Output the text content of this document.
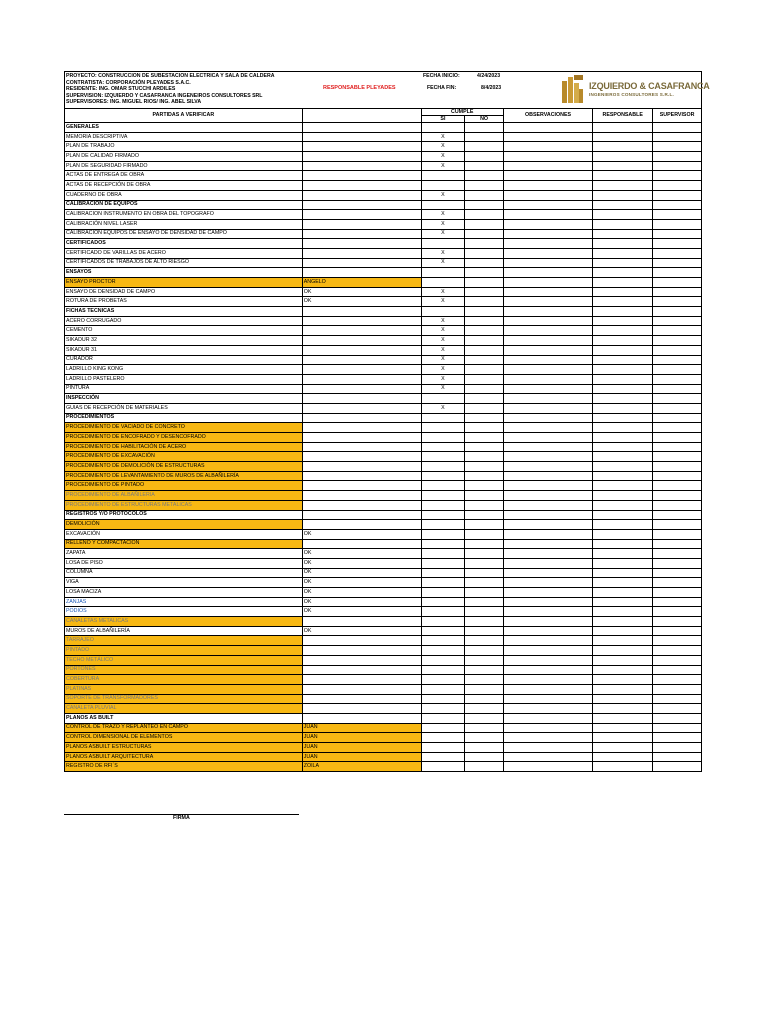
PROYECTO: CONSTRUCCION DE SUBESTACION ELECTRICA Y SALA DE CALDERA
CONTRATISTA: CORPORACIÓN PLEYADES S.A.C.
RESIDENTE: ING. OMAR STUCCHI ARDILES
SUPERVISION: IZQUIERDO Y CASAFRANCA INGENEIROS CONSULTORES SRL
SUPERVISORES: ING. MIGUEL RIOS/ ING. ABEL SILVA
RESPONSABLE PLEYADES
FECHA INICIO:	4/24/2023
FECHA FIN:	8/4/2023	IZQUIERDO & CASAFRANCA
INGENIEROS CONSULTORES S.R.L.
PARTIDAS A VERIFICAR		CUMPLE		OBSERVACIONES	RESPONSABLE	SUPERVISOR
		SI	NO			
GENERALES						
MEMORIA DESCRIPTIVA		X				
PLAN DE TRABAJO		X				
PLAN DE CALIDAD FIRMADO		X				
PLAN DE SEGURIDAD FIRMADO		X				
ACTAS DE ENTREGA DE OBRA						
ACTAS DE RECEPCIÓN DE OBRA						
CUADERNO DE OBRA		X				
CALIBRACIÓN DE EQUIPOS						
CALIBRACION INSTRUMENTO EN OBRA DEL TOPOGRAFO		X				
CALIBRACIÓN NIVEL LASER		X				
CALIBRACIÓN EQUIPOS DE ENSAYO DE DENSIDAD DE CAMPO		X				
CERTIFICADOS						
CERTIFICADO DE VARILLAS DE ACERO		X				
CERTIFICADOS DE TRABAJOS DE ALTO RIESGO		X				
ENSAYOS						
ENSAYO PROCTOR	ANGELO					
ENSAYO DE DENSIDAD DE CAMPO	OK	X				
ROTURA DE PROBETAS	OK	X				
FICHAS TECNICAS						
ACERO CORRUGADO		X				
CEMENTO		X				
SIKADUR 32		X				
SIKADUR 31		X				
CURADOR		X				
LADRILLO KING KONG		X				
LADRILLO PASTELERO		X				
PINTURA		X				
INSPECCIÓN						
GUIAS DE RECEPCIÓN DE MATERIALES		X				
PROCEDIMIENTOS						
PROCEDIMIENTO DE VACIADO DE CONCRETO						
PROCEDIMIENTO DE ENCOFRADO Y DESENCOFRADO						
PROCEDIMIENTO DE HABILITACIÓN DE ACERO						
PROCEDIMIENTO DE EXCAVACIÓN						
PROCEDIMIENTO DE DEMOLICIÓN DE ESTRUCTURAS						
PROCEDIMIENTO DE LEVANTAMIENTO DE MUROS DE ALBAÑILERÍA						
PROCEDIMIENTO DE PINTADO						
PROCEDIMIENTO DE ALBAÑILERIA						
PROCEDIMIENTO DE ESTRUCTURAS METALICAS						
REGISTROS Y/O PROTOCOLOS						
DEMOLICIÓN						
EXCAVACIÓN	OK					
RELLENO Y COMPACTACION						
ZAPATA	OK					
LOSA DE PISO	OK					
COLUMNA	OK					
VIGA	OK					
LOSA MACIZA	OK					
ZANJAS	OK					
PODIOS	OK					
CANALETAS METALICAS						
MUROS DE ALBAÑILERÍA	OK					
TARRAJEO						
PINTADO						
TECHO METÁLICO						
PORTONES						
COBERTURA						
PLATINAS						
SOPORTE DE TRANSFORMADORES						
CANALETA PLUVIAL						
PLANOS AS BUILT						
CONTROL DE TRAZO Y REPLANTEO EN CAMPO	JUAN					
CONTROL DIMENSIONAL DE ELEMENTOS	JUAN					
PLANOS ASBUILT ESTRUCTURAS	JUAN					
PLANOS ASBUILT ARQUITECTURA	JUAN					
REGISTRO DE RFI´S	ZOILA					
FIRMA
